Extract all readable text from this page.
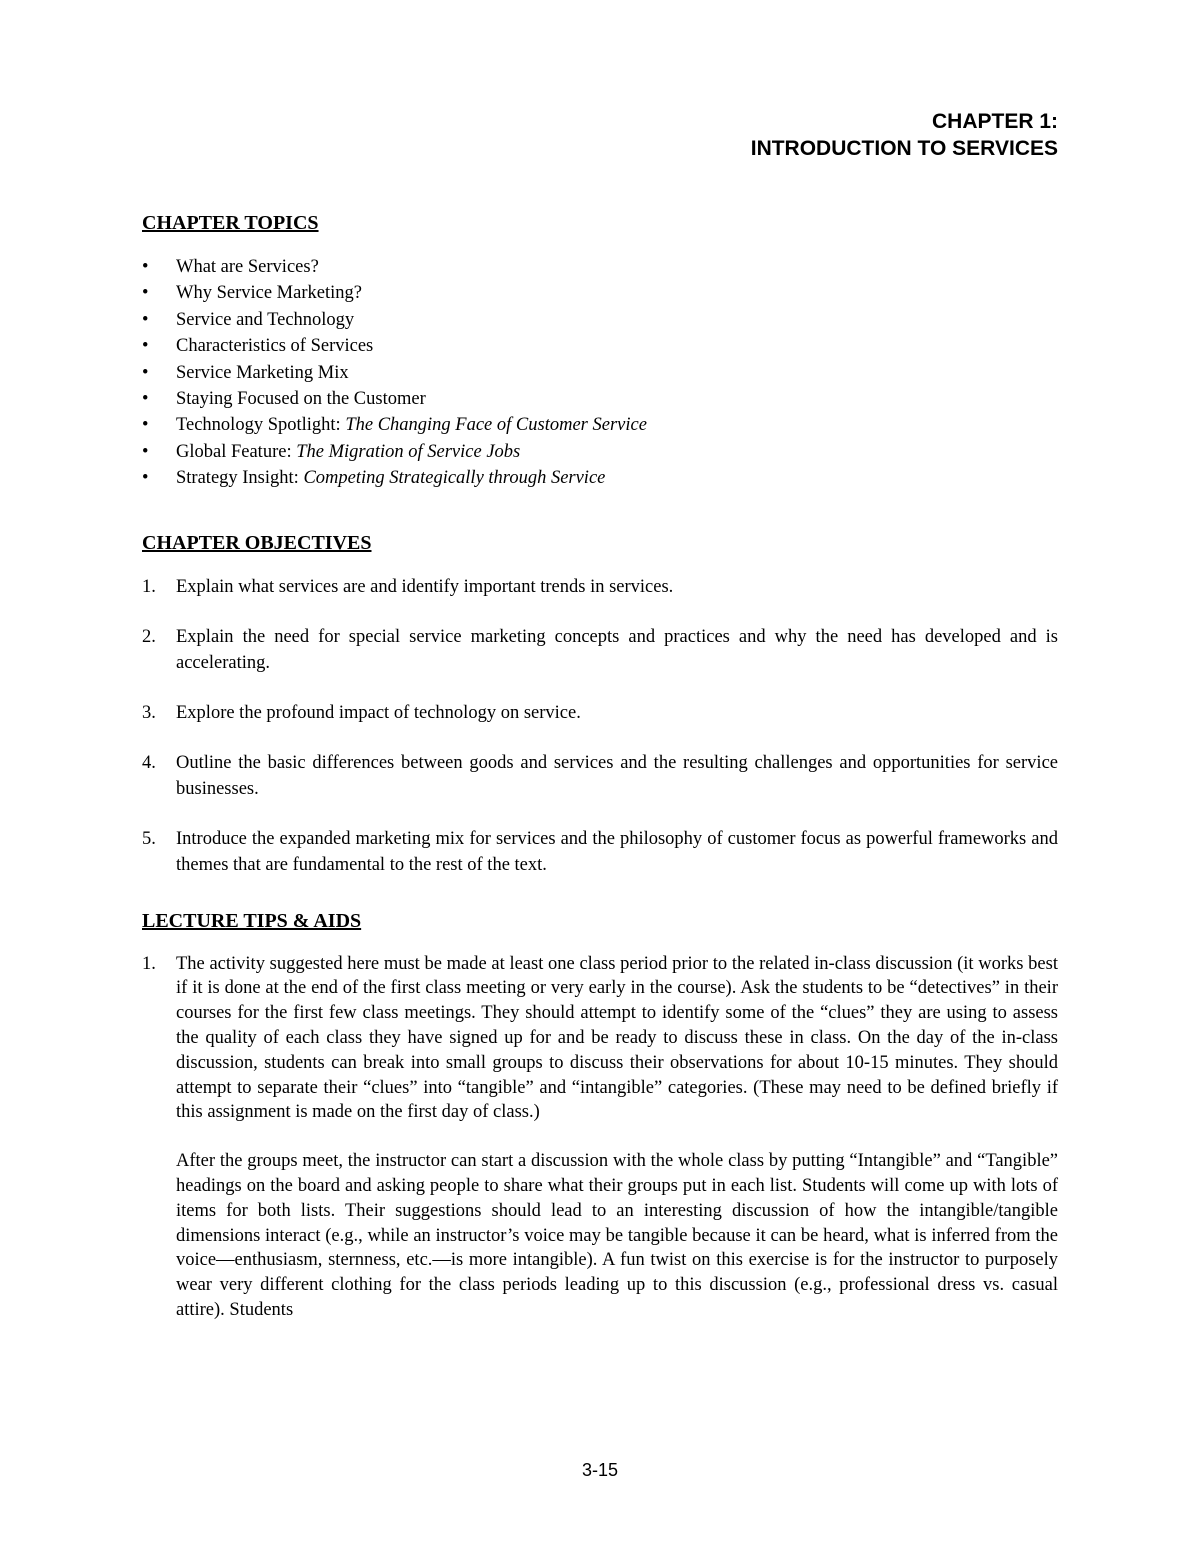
CHAPTER 1:
INTRODUCTION TO SERVICES
CHAPTER TOPICS
•	What are Services?
•	Why Service Marketing?
•	Service and Technology
•	Characteristics of Services
•	Service Marketing Mix
•	Staying Focused on the Customer
•	Technology Spotlight: The Changing Face of Customer Service
•	Global Feature: The Migration of Service Jobs
•	Strategy Insight: Competing Strategically through Service
CHAPTER OBJECTIVES
1.	Explain what services are and identify important trends in services.
2.	Explain the need for special service marketing concepts and practices and why the need has developed and is accelerating.
3.	Explore the profound impact of technology on service.
4.	Outline the basic differences between goods and services and the resulting challenges and opportunities for service businesses.
5.	Introduce the expanded marketing mix for services and the philosophy of customer focus as powerful frameworks and themes that are fundamental to the rest of the text.
LECTURE TIPS & AIDS
1.	The activity suggested here must be made at least one class period prior to the related in-class discussion (it works best if it is done at the end of the first class meeting or very early in the course). Ask the students to be “detectives” in their courses for the first few class meetings. They should attempt to identify some of the “clues” they are using to assess the quality of each class they have signed up for and be ready to discuss these in class. On the day of the in-class discussion, students can break into small groups to discuss their observations for about 10-15 minutes. They should attempt to separate their “clues” into “tangible” and “intangible” categories. (These may need to be defined briefly if this assignment is made on the first day of class.)

After the groups meet, the instructor can start a discussion with the whole class by putting “Intangible” and “Tangible” headings on the board and asking people to share what their groups put in each list. Students will come up with lots of items for both lists. Their suggestions should lead to an interesting discussion of how the intangible/tangible dimensions interact (e.g., while an instructor’s voice may be tangible because it can be heard, what is inferred from the voice—enthusiasm, sternness, etc.—is more intangible). A fun twist on this exercise is for the instructor to purposely wear very different clothing for the class periods leading up to this discussion (e.g., professional dress vs. casual attire). Students

3-15
